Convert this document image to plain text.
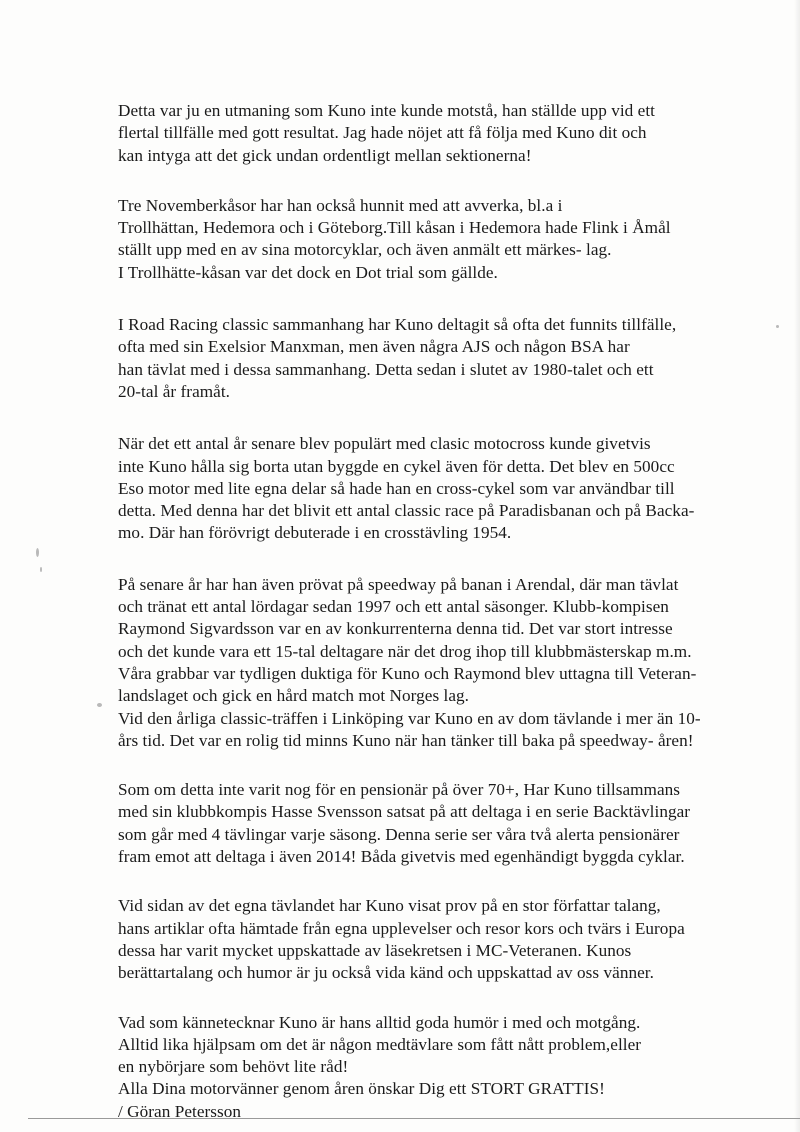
Detta var ju en utmaning som Kuno inte kunde motstå, han ställde upp vid ett
flertal tillfälle med gott resultat. Jag hade nöjet att få följa med Kuno dit och
kan intyga att det gick undan ordentligt mellan sektionerna!
Tre Novemberkåsor har han också hunnit med att avverka, bl.a i
Trollhättan, Hedemora och i Göteborg.Till kåsan i Hedemora hade Flink i Åmål
ställt upp med en av sina motorcyklar, och även anmält ett märkes- lag.
I Trollhätte-kåsan var det dock en Dot trial som gällde.
I Road Racing classic sammanhang har Kuno deltagit så ofta det funnits tillfälle,
ofta med sin Exelsior Manxman, men även några AJS och någon BSA har
han tävlat med i dessa sammanhang. Detta sedan i slutet av 1980-talet och ett
20-tal år framåt.
När det ett antal år senare blev populärt med clasic motocross kunde givetvis
inte Kuno hålla sig borta utan byggde en cykel även för detta. Det blev en 500cc
Eso motor med lite egna delar så hade han en cross-cykel som var användbar till
detta. Med denna har det blivit ett antal classic race på Paradisbanan och på Backa-
mo. Där han förövrigt debuterade i en crosstävling 1954.
På senare år har han även prövat på speedway på banan i Arendal, där man tävlat
och tränat ett antal lördagar sedan 1997 och ett antal säsonger. Klubb-kompisen
Raymond Sigvardsson var en av konkurrenterna denna tid. Det var stort intresse
och det kunde vara ett 15-tal deltagare när det drog ihop till klubbmästerskap m.m.
Våra grabbar var tydligen duktiga för Kuno och Raymond blev uttagna till Veteran-
landslaget och gick en hård match mot Norges lag.
Vid den årliga classic-träffen i Linköping var Kuno en av dom tävlande i mer än 10-
års tid. Det var en rolig tid minns Kuno när han tänker till baka på speedway- åren!
Som om detta inte varit nog för en pensionär på över 70+, Har Kuno tillsammans
med sin klubbkompis Hasse Svensson satsat på att deltaga i en serie Backtävlingar
som går med 4 tävlingar varje säsong. Denna serie ser våra två alerta pensionärer
fram emot att deltaga i även 2014! Båda givetvis med egenhändigt byggda cyklar.
Vid sidan av det egna tävlandet har Kuno visat prov på en stor författar talang,
hans artiklar ofta hämtade från egna upplevelser och resor kors och tvärs i Europa
dessa har varit mycket uppskattade av läsekretsen i MC-Veteranen. Kunos
berättartalang och humor är ju också vida känd och uppskattad av oss vänner.
Vad som kännetecknar Kuno är hans alltid goda humör i med och motgång.
Alltid lika hjälpsam om det är någon medtävlare som fått nått problem,eller
en nybörjare som behövt lite råd!
Alla Dina motorvänner genom åren önskar Dig ett STORT GRATTIS!
/ Göran Petersson
